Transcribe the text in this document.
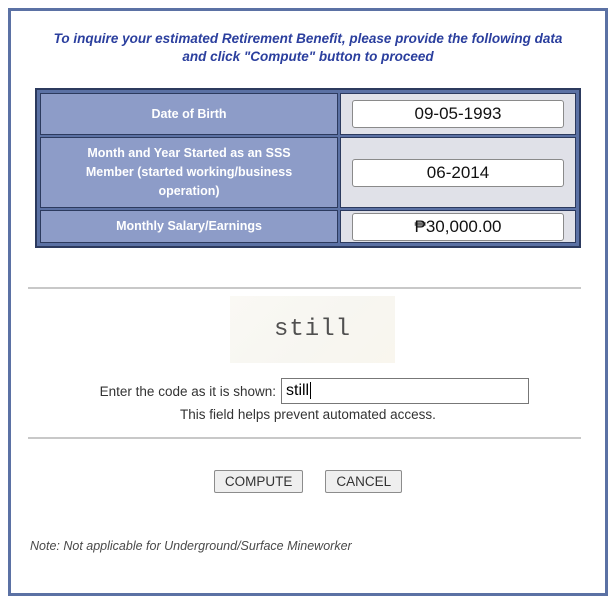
To inquire your estimated Retirement Benefit, please provide the following data
and click "Compute" button to proceed
Date of Birth	09-05-1993
Month and Year Started as an SSS Member (started working/business operation)	06-2014
Monthly Salary/Earnings	₱30,000.00
still
Enter the code as it is shown: still
This field helps prevent automated access.
COMPUTE	CANCEL
Note: Not applicable for Underground/Surface Mineworker
